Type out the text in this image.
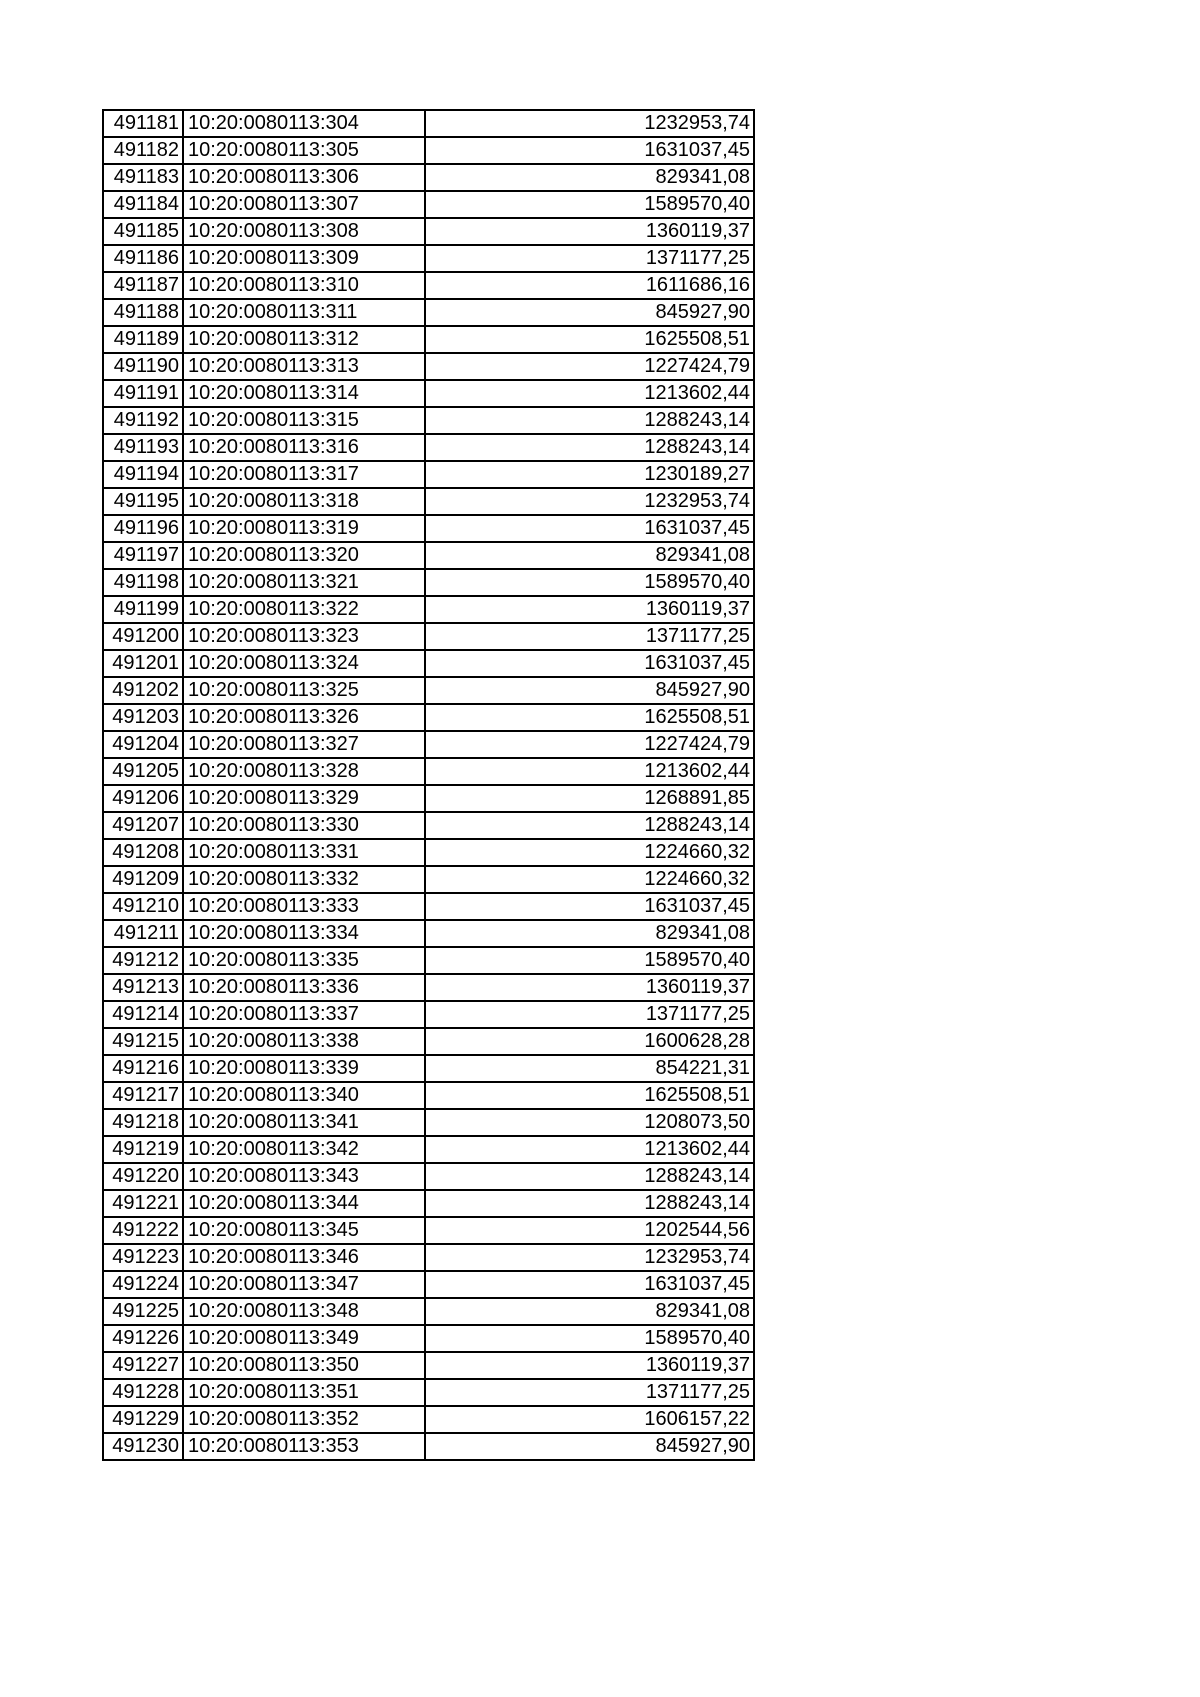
491181	10:20:0080113:304	1232953,74
491182	10:20:0080113:305	1631037,45
491183	10:20:0080113:306	829341,08
491184	10:20:0080113:307	1589570,40
491185	10:20:0080113:308	1360119,37
491186	10:20:0080113:309	1371177,25
491187	10:20:0080113:310	1611686,16
491188	10:20:0080113:311	845927,90
491189	10:20:0080113:312	1625508,51
491190	10:20:0080113:313	1227424,79
491191	10:20:0080113:314	1213602,44
491192	10:20:0080113:315	1288243,14
491193	10:20:0080113:316	1288243,14
491194	10:20:0080113:317	1230189,27
491195	10:20:0080113:318	1232953,74
491196	10:20:0080113:319	1631037,45
491197	10:20:0080113:320	829341,08
491198	10:20:0080113:321	1589570,40
491199	10:20:0080113:322	1360119,37
491200	10:20:0080113:323	1371177,25
491201	10:20:0080113:324	1631037,45
491202	10:20:0080113:325	845927,90
491203	10:20:0080113:326	1625508,51
491204	10:20:0080113:327	1227424,79
491205	10:20:0080113:328	1213602,44
491206	10:20:0080113:329	1268891,85
491207	10:20:0080113:330	1288243,14
491208	10:20:0080113:331	1224660,32
491209	10:20:0080113:332	1224660,32
491210	10:20:0080113:333	1631037,45
491211	10:20:0080113:334	829341,08
491212	10:20:0080113:335	1589570,40
491213	10:20:0080113:336	1360119,37
491214	10:20:0080113:337	1371177,25
491215	10:20:0080113:338	1600628,28
491216	10:20:0080113:339	854221,31
491217	10:20:0080113:340	1625508,51
491218	10:20:0080113:341	1208073,50
491219	10:20:0080113:342	1213602,44
491220	10:20:0080113:343	1288243,14
491221	10:20:0080113:344	1288243,14
491222	10:20:0080113:345	1202544,56
491223	10:20:0080113:346	1232953,74
491224	10:20:0080113:347	1631037,45
491225	10:20:0080113:348	829341,08
491226	10:20:0080113:349	1589570,40
491227	10:20:0080113:350	1360119,37
491228	10:20:0080113:351	1371177,25
491229	10:20:0080113:352	1606157,22
491230	10:20:0080113:353	845927,90
